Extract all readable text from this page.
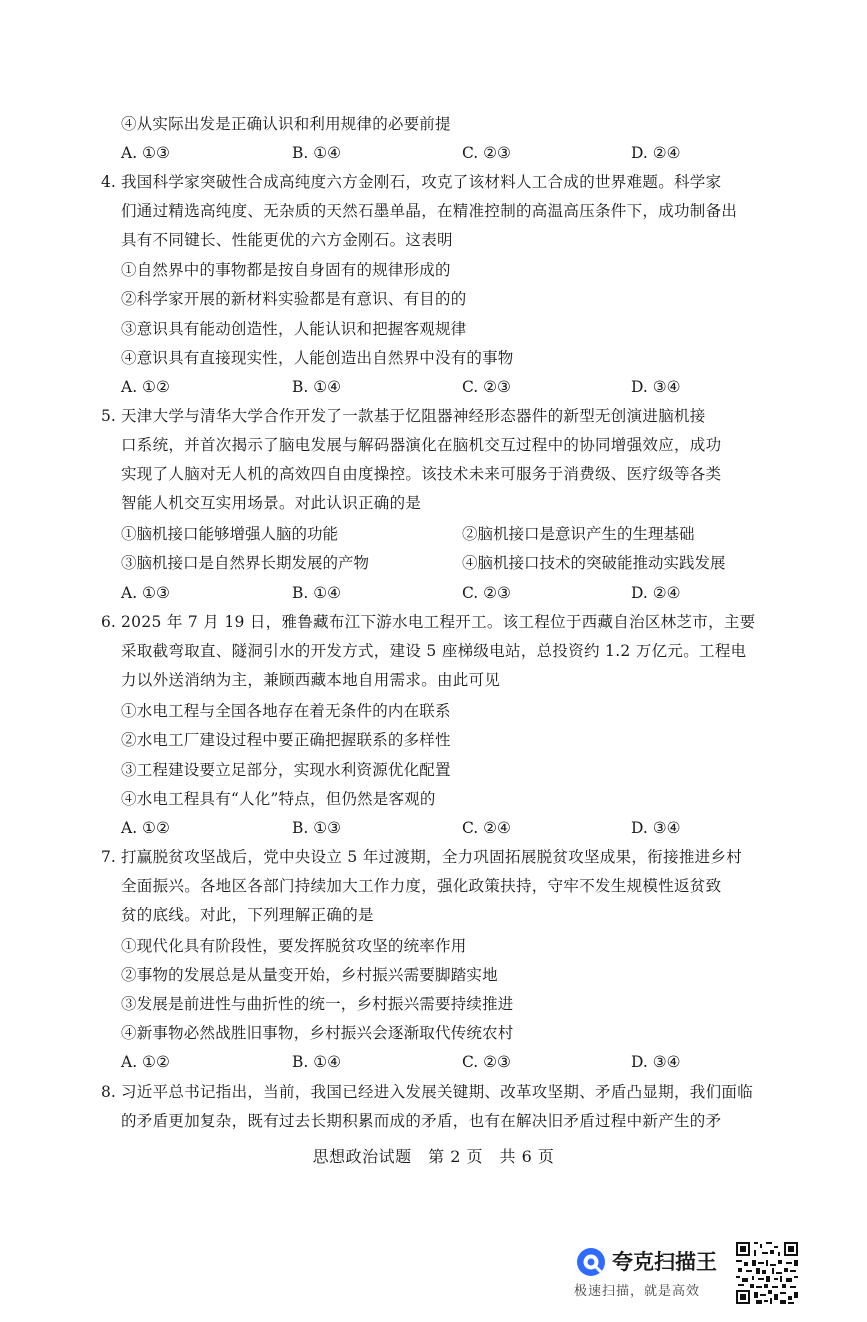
④从实际出发是正确认识和利用规律的必要前提
A. ①③	B. ①④	C. ②③	D. ②④
4. 我国科学家突破性合成高纯度六方金刚石，攻克了该材料人工合成的世界难题。科学家
们通过精选高纯度、无杂质的天然石墨单晶，在精准控制的高温高压条件下，成功制备出
具有不同键长、性能更优的六方金刚石。这表明
①自然界中的事物都是按自身固有的规律形成的
②科学家开展的新材料实验都是有意识、有目的的
③意识具有能动创造性，人能认识和把握客观规律
④意识具有直接现实性，人能创造出自然界中没有的事物
A. ①②	B. ①④	C. ②③	D. ③④
5. 天津大学与清华大学合作开发了一款基于忆阻器神经形态器件的新型无创演进脑机接
口系统，并首次揭示了脑电发展与解码器演化在脑机交互过程中的协同增强效应，成功
实现了人脑对无人机的高效四自由度操控。该技术未来可服务于消费级、医疗级等各类
智能人机交互实用场景。对此认识正确的是
①脑机接口能够增强人脑的功能	②脑机接口是意识产生的生理基础
③脑机接口是自然界长期发展的产物	④脑机接口技术的突破能推动实践发展
A. ①③	B. ①④	C. ②③	D. ②④
6. 2025 年 7 月 19 日，雅鲁藏布江下游水电工程开工。该工程位于西藏自治区林芝市，主要
采取截弯取直、隧洞引水的开发方式，建设 5 座梯级电站，总投资约 1.2 万亿元。工程电
力以外送消纳为主，兼顾西藏本地自用需求。由此可见
①水电工程与全国各地存在着无条件的内在联系
②水电工厂建设过程中要正确把握联系的多样性
③工程建设要立足部分，实现水利资源优化配置
④水电工程具有“人化”特点，但仍然是客观的
A. ①②	B. ①③	C. ②④	D. ③④
7. 打赢脱贫攻坚战后，党中央设立 5 年过渡期，全力巩固拓展脱贫攻坚成果，衔接推进乡村
全面振兴。各地区各部门持续加大工作力度，强化政策扶持，守牢不发生规模性返贫致
贫的底线。对此，下列理解正确的是
①现代化具有阶段性，要发挥脱贫攻坚的统率作用
②事物的发展总是从量变开始，乡村振兴需要脚踏实地
③发展是前进性与曲折性的统一，乡村振兴需要持续推进
④新事物必然战胜旧事物，乡村振兴会逐渐取代传统农村
A. ①②	B. ①④	C. ②③	D. ③④
8. 习近平总书记指出，当前，我国已经进入发展关键期、改革攻坚期、矛盾凸显期，我们面临
的矛盾更加复杂，既有过去长期积累而成的矛盾，也有在解决旧矛盾过程中新产生的矛
思想政治试题　第 2 页　共 6 页
夸克扫描王
极速扫描，就是高效
